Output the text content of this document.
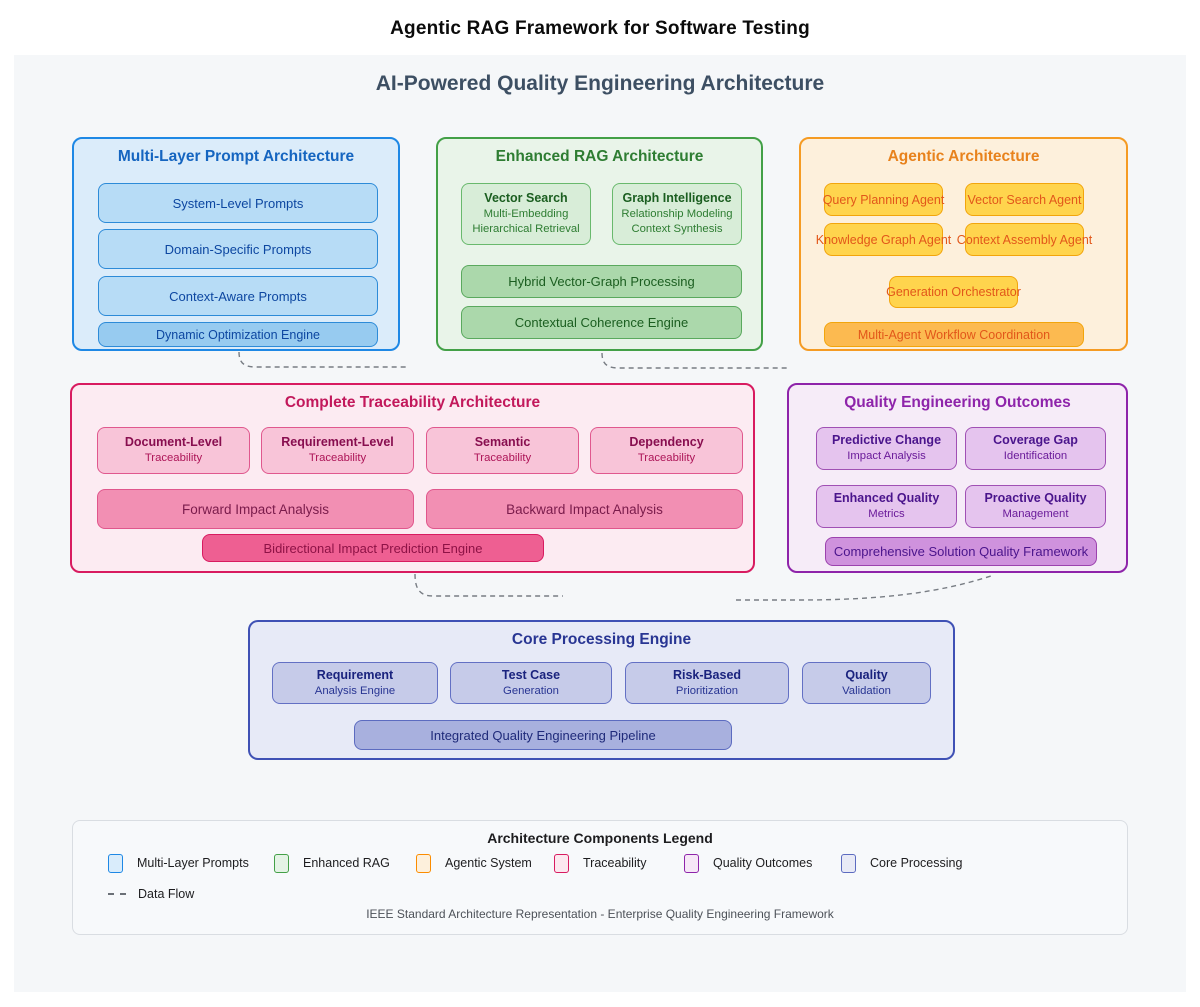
Agentic RAG Framework for Software Testing
AI-Powered Quality Engineering Architecture
Multi-Layer Prompt Architecture
System-Level Prompts
Domain-Specific Prompts
Context-Aware Prompts
Dynamic Optimization Engine
Enhanced RAG Architecture
Vector Search
Multi-Embedding
Hierarchical Retrieval
Graph Intelligence
Relationship Modeling
Context Synthesis
Hybrid Vector-Graph Processing
Contextual Coherence Engine
Agentic Architecture
Query Planning Agent Vector Search Agent
Knowledge Graph Agent Context Assembly Agent
Generation Orchestrator
Multi-Agent Workflow Coordination
Complete Traceability Architecture
Document-Level
Traceability
Requirement-Level
Traceability
Semantic
Traceability
Dependency
Traceability
Forward Impact Analysis	Backward Impact Analysis
Bidirectional Impact Prediction Engine
Quality Engineering Outcomes
Predictive Change
Impact Analysis
Coverage Gap
Identification
Enhanced Quality
Metrics
Proactive Quality
Management
Comprehensive Solution Quality Framework
Core Processing Engine
Requirement
Analysis Engine
Test Case
Generation
Risk-Based
Prioritization
Quality
Validation
Integrated Quality Engineering Pipeline
Architecture Components Legend
Multi-Layer Prompts	Enhanced RAG	Agentic System	Traceability	Quality Outcomes	Core Processing
Data Flow
IEEE Standard Architecture Representation - Enterprise Quality Engineering Framework
